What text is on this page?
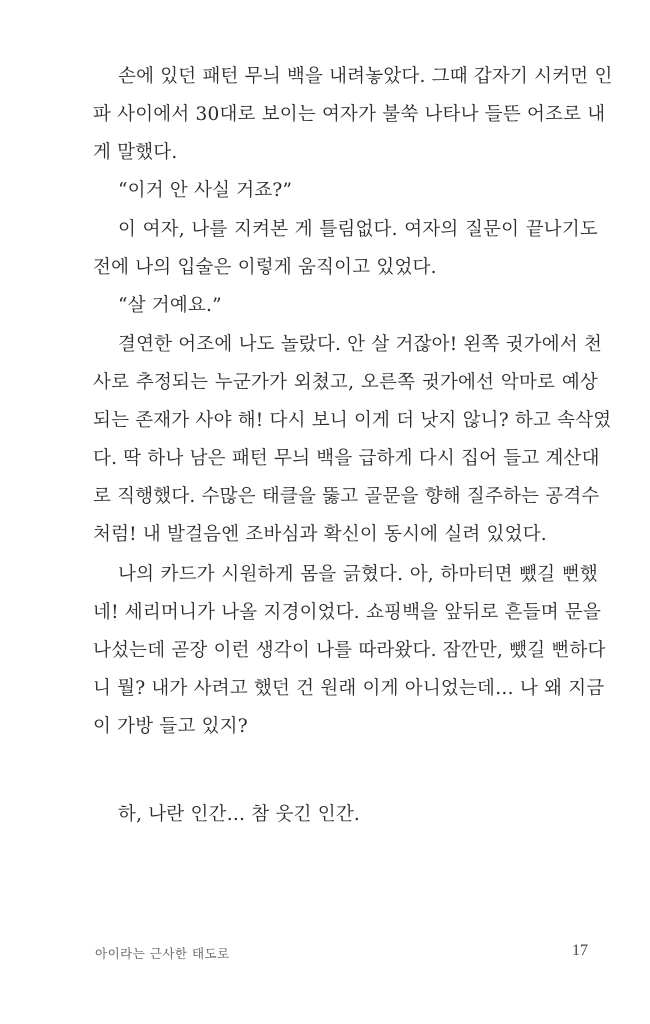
손에 있던 패턴 무늬 백을 내려놓았다. 그때 갑자기 시커먼 인
파 사이에서 30대로 보이는 여자가 불쑥 나타나 들뜬 어조로 내
게 말했다.
“이거 안 사실 거죠?”
이 여자, 나를 지켜본 게 틀림없다. 여자의 질문이 끝나기도
전에 나의 입술은 이렇게 움직이고 있었다.
“살 거예요.”
결연한 어조에 나도 놀랐다. 안 살 거잖아! 왼쪽 귓가에서 천
사로 추정되는 누군가가 외쳤고, 오른쪽 귓가에선 악마로 예상
되는 존재가 사야 해! 다시 보니 이게 더 낫지 않니? 하고 속삭였
다. 딱 하나 남은 패턴 무늬 백을 급하게 다시 집어 들고 계산대
로 직행했다. 수많은 태클을 뚫고 골문을 향해 질주하는 공격수
처럼! 내 발걸음엔 조바심과 확신이 동시에 실려 있었다.
나의 카드가 시원하게 몸을 긁혔다. 아, 하마터면 뺐길 뻔했
네! 세리머니가 나올 지경이었다. 쇼핑백을 앞뒤로 흔들며 문을
나섰는데 곧장 이런 생각이 나를 따라왔다. 잠깐만, 뺐길 뻔하다
니 뭘? 내가 사려고 했던 건 원래 이게 아니었는데… 나 왜 지금
이 가방 들고 있지?
하, 나란 인간… 참 웃긴 인간.
아이라는 근사한 태도로	17
